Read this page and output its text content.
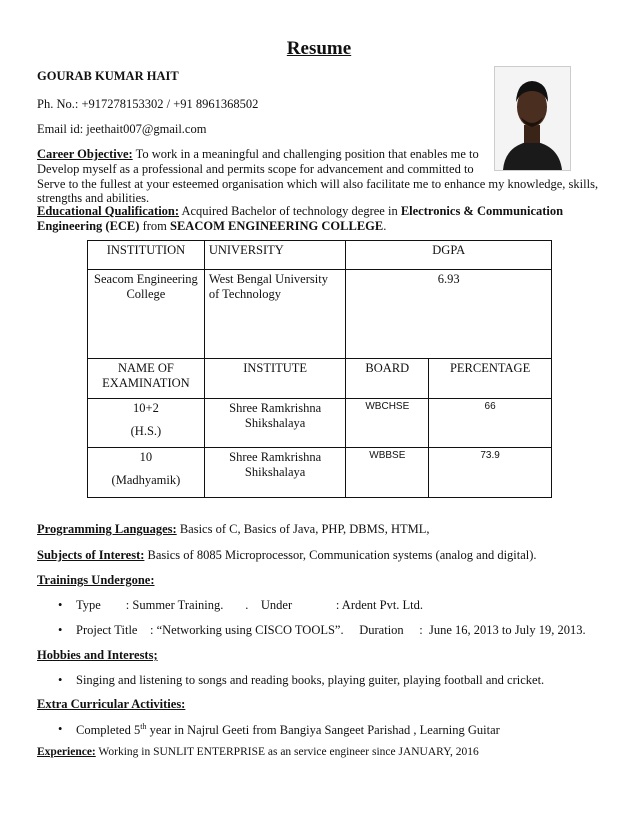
Resume
GOURAB KUMAR HAIT
Ph. No.: +917278153302 / +91 8961368502
Email id: jeethait007@gmail.com
Career Objective: To work in a meaningful and challenging position that enables me to
Develop myself as a professional and permits scope for advancement and committed to
Serve to the fullest at your esteemed organisation which will also facilitate me to enhance my knowledge, skills,
strengths and abilities.
Educational Qualification: Acquired Bachelor of technology degree in Electronics & Communication
Engineering (ECE) from SEACOM ENGINEERING COLLEGE.
INSTITUTION	UNIVERSITY	DGPA	
Seacom Engineering College	West Bengal University of Technology	6.93	
NAME OF EXAMINATION	INSTITUTE	BOARD	PERCENTAGE

10+2
(H.S.)	Shree Ramkrishna Shikshalaya	WBCHSE	66

10
(Madhyamik)	Shree Ramkrishna Shikshalaya	WBBSE	73.9
Programming Languages: Basics of C, Basics of Java, PHP, DBMS, HTML,
Subjects of Interest: Basics of 8085 Microprocessor, Communication systems (analog and digital).
Trainings Undergone:
• Type        : Summer Training.       .    Under              : Ardent Pvt. Ltd.
• Project Title    : “Networking using CISCO TOOLS”.     Duration     :  June 16, 2013 to July 19, 2013.
Hobbies and Interests;
• Singing and listening to songs and reading books, playing guiter, playing football and cricket.
Extra Curricular Activities:
• Completed 5th year in Najrul Geeti from Bangiya Sangeet Parishad , Learning Guitar
Experience: Working in SUNLIT ENTERPRISE as an service engineer since JANUARY, 2016
